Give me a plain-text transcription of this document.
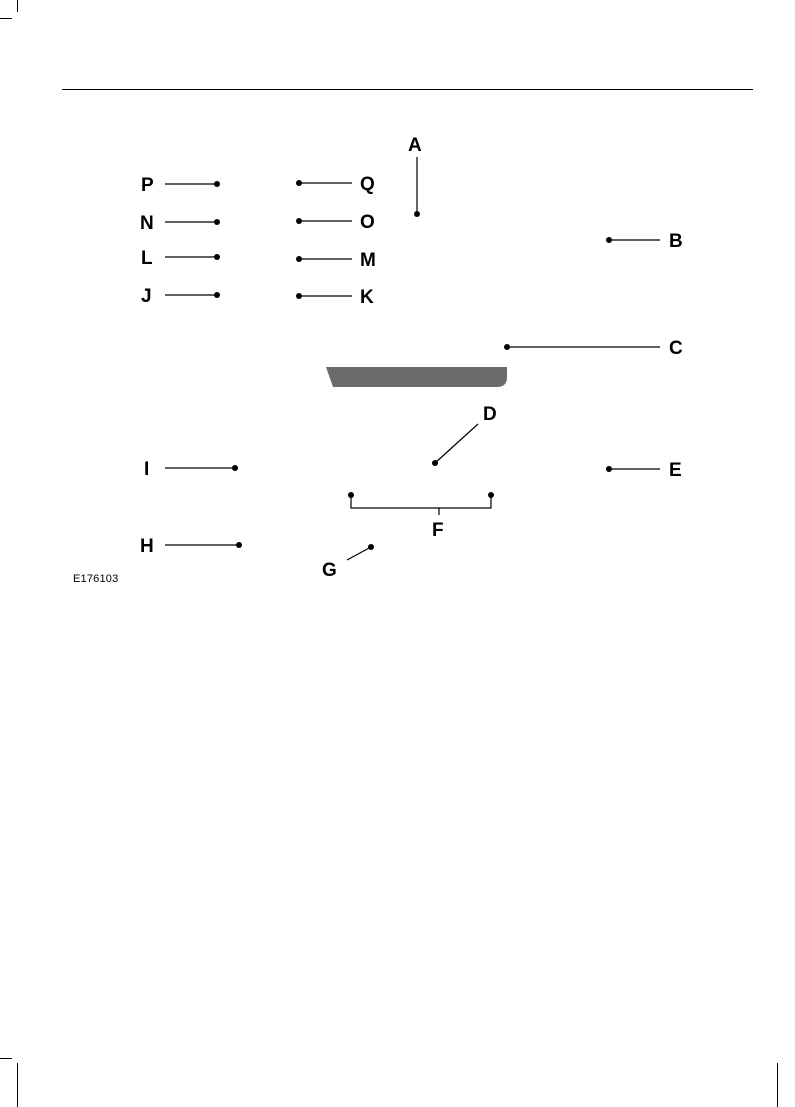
A
B
C
D
E
F
G
H
I
J	K
L	M
N	O
P	Q
E176103
